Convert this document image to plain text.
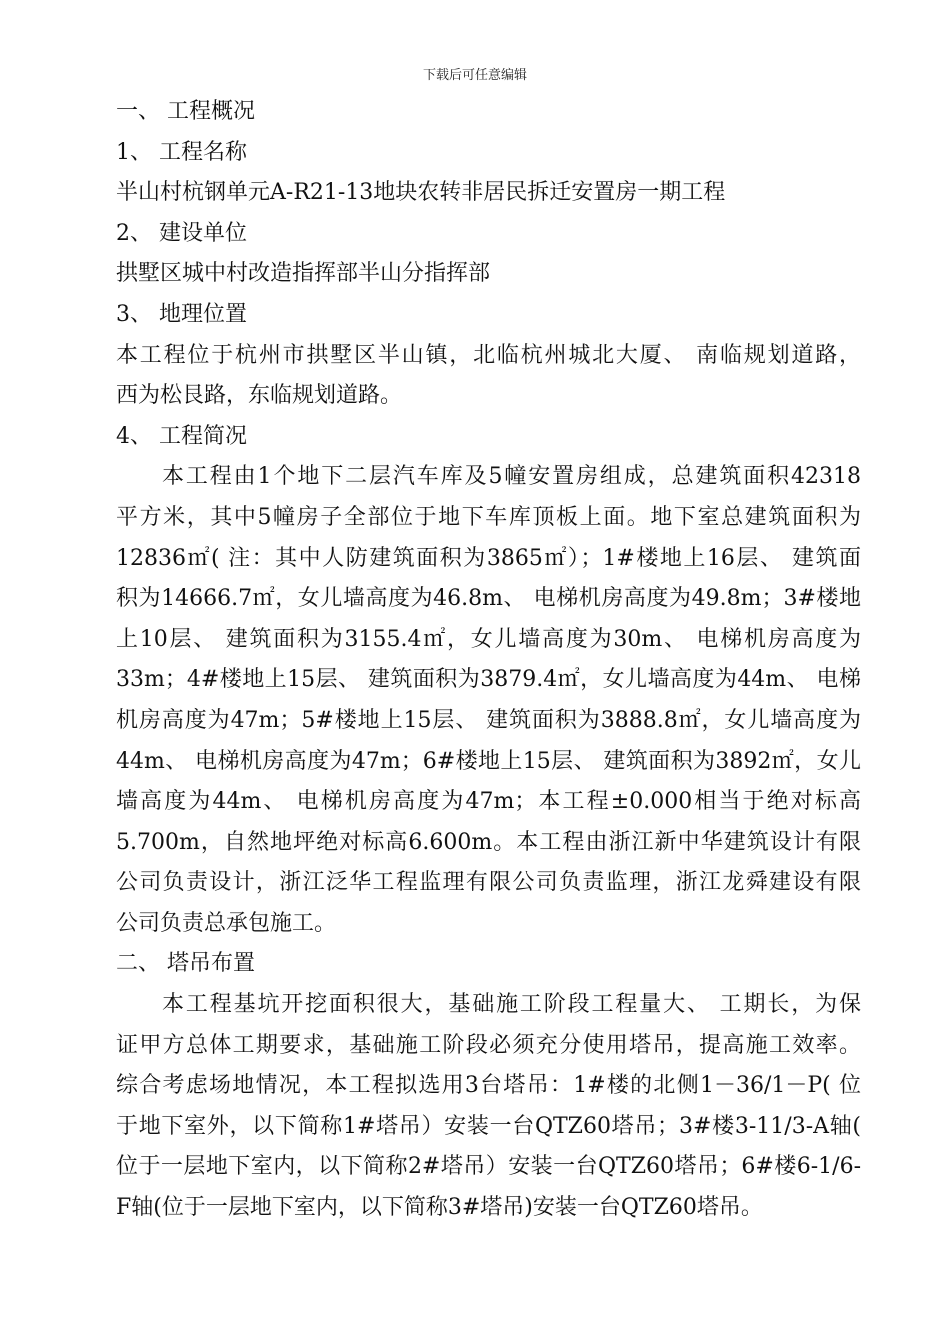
下载后可任意编辑
一、 工程概况
1、 工程名称
半山村杭钢单元A-R21-13地块农转非居民拆迁安置房一期工程
2、 建设单位
拱墅区城中村改造指挥部半山分指挥部
3、 地理位置
本工程位于杭州市拱墅区半山镇，北临杭州城北大厦、 南临规划道路，
西为松艮路，东临规划道路。
4、 工程简况
本工程由1个地下二层汽车库及5幢安置房组成，总建筑面积42318
平方米，其中5幢房子全部位于地下车库顶板上面。地下室总建筑面积为
12836㎡( 注：其中人防建筑面积为3865㎡）；1#楼地上16层、 建筑面
积为14666.7㎡，女儿墙高度为46.8m、 电梯机房高度为49.8m；3#楼地
上10层、 建筑面积为3155.4㎡，女儿墙高度为30m、 电梯机房高度为
33m；4#楼地上15层、 建筑面积为3879.4㎡，女儿墙高度为44m、 电梯
机房高度为47m；5#楼地上15层、 建筑面积为3888.8㎡，女儿墙高度为
44m、 电梯机房高度为47m；6#楼地上15层、 建筑面积为3892㎡，女儿
墙高度为44m、 电梯机房高度为47m；本工程±0.000相当于绝对标高
5.700m，自然地坪绝对标高6.600m。本工程由浙江新中华建筑设计有限
公司负责设计，浙江泛华工程监理有限公司负责监理，浙江龙舜建设有限
公司负责总承包施工。
二、 塔吊布置
本工程基坑开挖面积很大，基础施工阶段工程量大、 工期长，为保
证甲方总体工期要求，基础施工阶段必须充分使用塔吊，提高施工效率。
综合考虑场地情况，本工程拟选用3台塔吊：1#楼的北侧1－36/1－P( 位
于地下室外，以下简称1#塔吊）安装一台QTZ60塔吊；3#楼3-11/3-A轴(
位于一层地下室内，以下简称2#塔吊）安装一台QTZ60塔吊；6#楼6-1/6-
F轴(位于一层地下室内，以下简称3#塔吊)安装一台QTZ60塔吊。
